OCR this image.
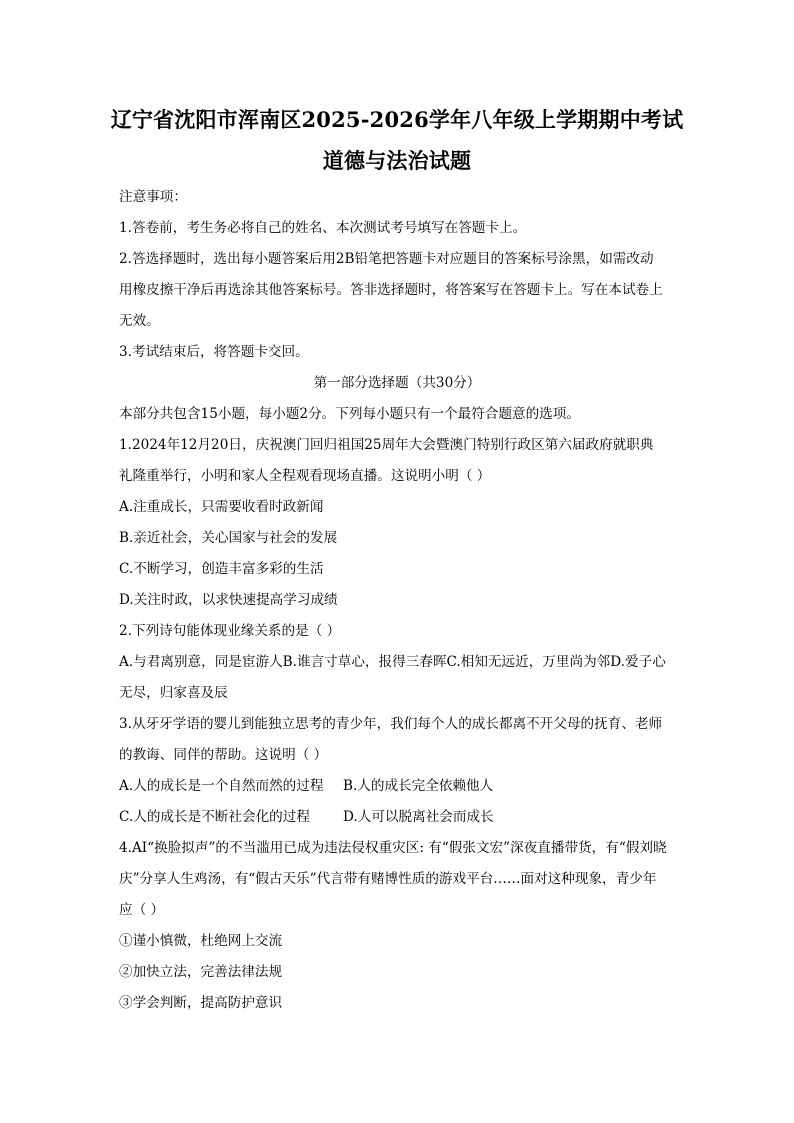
辽宁省沈阳市浑南区2025-2026学年八年级上学期期中考试
道德与法治试题
注意事项：
1.答卷前，考生务必将自己的姓名、本次测试考号填写在答题卡上。
2.答选择题时，选出每小题答案后用2B铅笔把答题卡对应题目的答案标号涂黑，如需改动
用橡皮擦干净后再选涂其他答案标号。答非选择题时，将答案写在答题卡上。写在本试卷上
无效。
3.考试结束后，将答题卡交回。
第一部分选择题（共30分）
本部分共包含15小题，每小题2分。下列每小题只有一个最符合题意的选项。
1.2024年12月20日，庆祝澳门回归祖国25周年大会暨澳门特别行政区第六届政府就职典
礼隆重举行，小明和家人全程观看现场直播。这说明小明（ ）
A.注重成长，只需要收看时政新闻
B.亲近社会，关心国家与社会的发展
C.不断学习，创造丰富多彩的生活
D.关注时政，以求快速提高学习成绩
2.下列诗句能体现业缘关系的是（ ）
A.与君离别意，同是宦游人B.谁言寸草心，报得三春晖C.相知无远近，万里尚为邻D.爱子心
无尽，归家喜及辰
3.从牙牙学语的婴儿到能独立思考的青少年，我们每个人的成长都离不开父母的抚育、老师
的教诲、同伴的帮助。这说明（ ）
A.人的成长是一个自然而然的过程 B.人的成长完全依赖他人
C.人的成长是不断社会化的过程 D.人可以脱离社会而成长
4.AI“换脸拟声”的不当滥用已成为违法侵权重灾区: 有“假张文宏”深夜直播带货，有“假刘晓
庆”分享人生鸡汤，有“假古天乐”代言带有赌博性质的游戏平台……面对这种现象，青少年
应（ ）
①谨小慎微，杜绝网上交流
②加快立法，完善法律法规
③学会判断，提高防护意识
